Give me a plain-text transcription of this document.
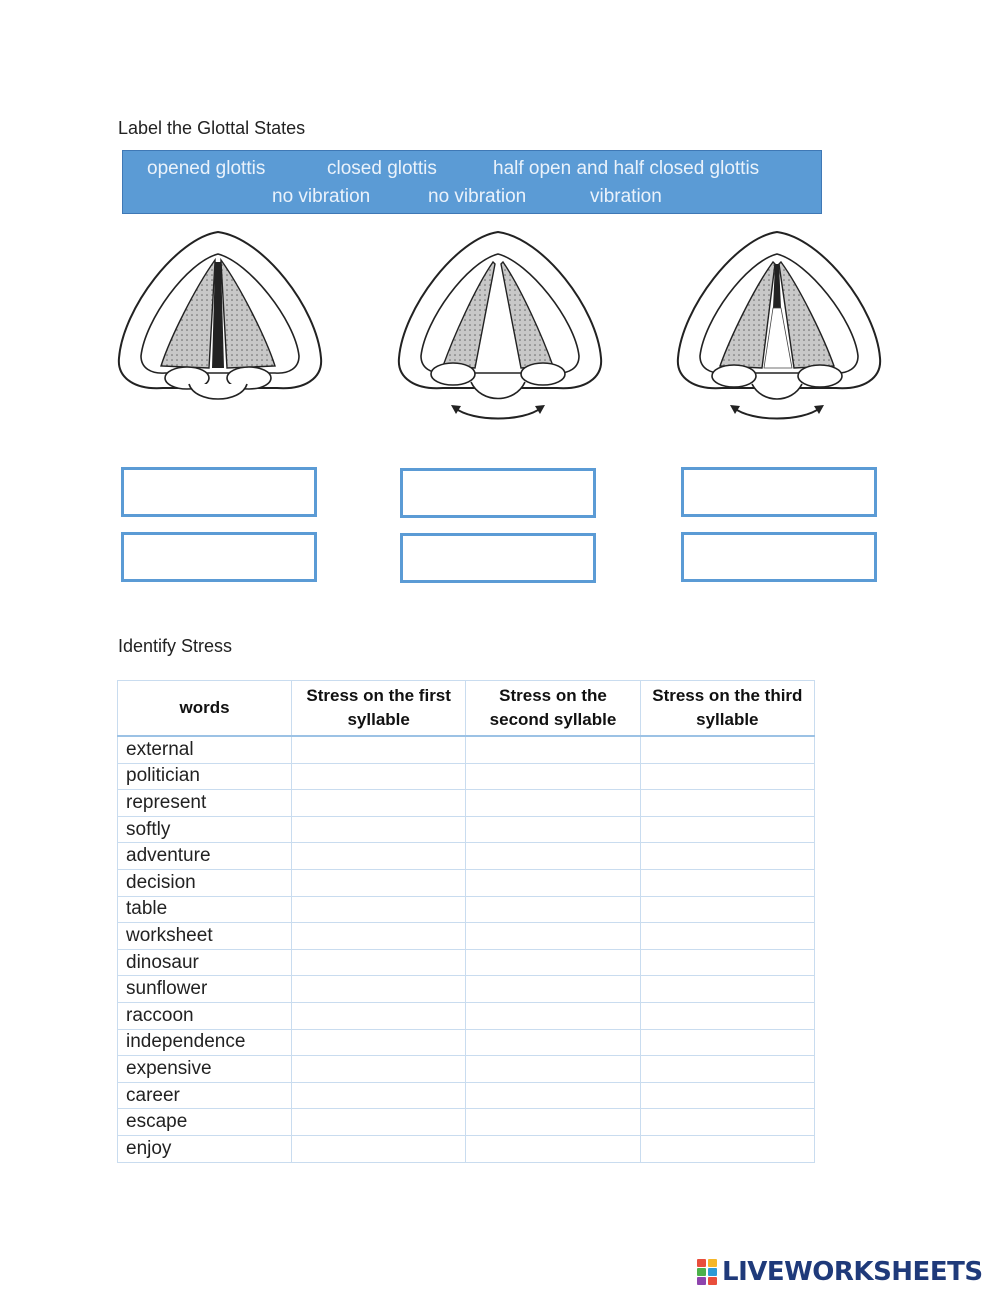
Label the Glottal States
opened glottis	closed glottis	half open and half closed glottis
no vibration	no vibration	vibration
Identify Stress
words	Stress on the first syllable	Stress on the second syllable	Stress on the third syllable
external			
politician			
represent			
softly			
adventure			
decision			
table			
worksheet			
dinosaur			
sunflower			
raccoon			
independence			
expensive			
career			
escape			
enjoy			
LIVEWORKSHEETS
